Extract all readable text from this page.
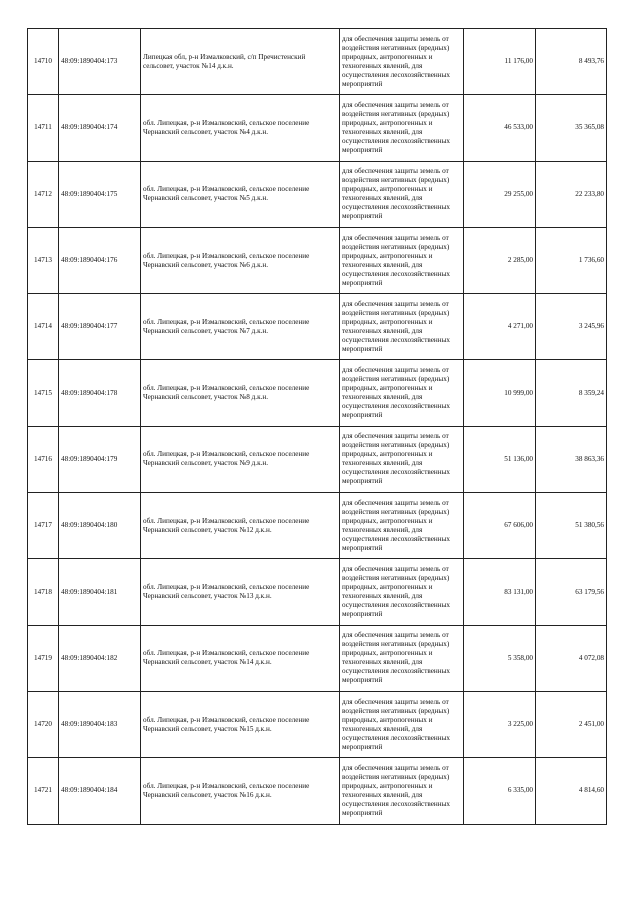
14710	48:09:1890404:173	Липецкая обл, р-н Измалковский, с/п Пречистенский сельсовет, участок №14 д.к.н.	для обеспечения защиты земель от воздействия негативных (вредных) природных, антропогенных и техногенных явлений, для осуществления лесохозяйственных мероприятий	11 176,00	8 493,76
14711	48:09:1890404:174	обл. Липецкая, р-н Измалковский, сельское поселение Чернавский сельсовет, участок №4 д.к.н.	для обеспечения защиты земель от воздействия негативных (вредных) природных, антропогенных и техногенных явлений, для осуществления лесохозяйственных мероприятий	46 533,00	35 365,08
14712	48:09:1890404:175	обл. Липецкая, р-н Измалковский, сельское поселение Чернавский сельсовет, участок №5 д.к.н.	для обеспечения защиты земель от воздействия негативных (вредных) природных, антропогенных и техногенных явлений, для осуществления лесохозяйственных мероприятий	29 255,00	22 233,80
14713	48:09:1890404:176	обл. Липецкая, р-н Измалковский, сельское поселение Чернавский сельсовет, участок №6 д.к.н.	для обеспечения защиты земель от воздействия негативных (вредных) природных, антропогенных и техногенных явлений, для осуществления лесохозяйственных мероприятий	2 285,00	1 736,60
14714	48:09:1890404:177	обл. Липецкая, р-н Измалковский, сельское поселение Чернавский сельсовет, участок №7 д.к.н.	для обеспечения защиты земель от воздействия негативных (вредных) природных, антропогенных и техногенных явлений, для осуществления лесохозяйственных мероприятий	4 271,00	3 245,96
14715	48:09:1890404:178	обл. Липецкая, р-н Измалковский, сельское поселение Чернавский сельсовет, участок №8 д.к.н.	для обеспечения защиты земель от воздействия негативных (вредных) природных, антропогенных и техногенных явлений, для осуществления лесохозяйственных мероприятий	10 999,00	8 359,24
14716	48:09:1890404:179	обл. Липецкая, р-н Измалковский, сельское поселение Чернавский сельсовет, участок №9 д.к.н.	для обеспечения защиты земель от воздействия негативных (вредных) природных, антропогенных и техногенных явлений, для осуществления лесохозяйственных мероприятий	51 136,00	38 863,36
14717	48:09:1890404:180	обл. Липецкая, р-н Измалковский, сельское поселение Чернавский сельсовет, участок №12 д.к.н.	для обеспечения защиты земель от воздействия негативных (вредных) природных, антропогенных и техногенных явлений, для осуществления лесохозяйственных мероприятий	67 606,00	51 380,56
14718	48:09:1890404:181	обл. Липецкая, р-н Измалковский, сельское поселение Чернавский сельсовет, участок №13 д.к.н.	для обеспечения защиты земель от воздействия негативных (вредных) природных, антропогенных и техногенных явлений, для осуществления лесохозяйственных мероприятий	83 131,00	63 179,56
14719	48:09:1890404:182	обл. Липецкая, р-н Измалковский, сельское поселение Чернавский сельсовет, участок №14 д.к.н.	для обеспечения защиты земель от воздействия негативных (вредных) природных, антропогенных и техногенных явлений, для осуществления лесохозяйственных мероприятий	5 358,00	4 072,08
14720	48:09:1890404:183	обл. Липецкая, р-н Измалковский, сельское поселение Чернавский сельсовет, участок №15 д.к.н.	для обеспечения защиты земель от воздействия негативных (вредных) природных, антропогенных и техногенных явлений, для осуществления лесохозяйственных мероприятий	3 225,00	2 451,00
14721	48:09:1890404:184	обл. Липецкая, р-н Измалковский, сельское поселение Чернавский сельсовет, участок №16 д.к.н.	для обеспечения защиты земель от воздействия негативных (вредных) природных, антропогенных и техногенных явлений, для осуществления лесохозяйственных мероприятий	6 335,00	4 814,60
